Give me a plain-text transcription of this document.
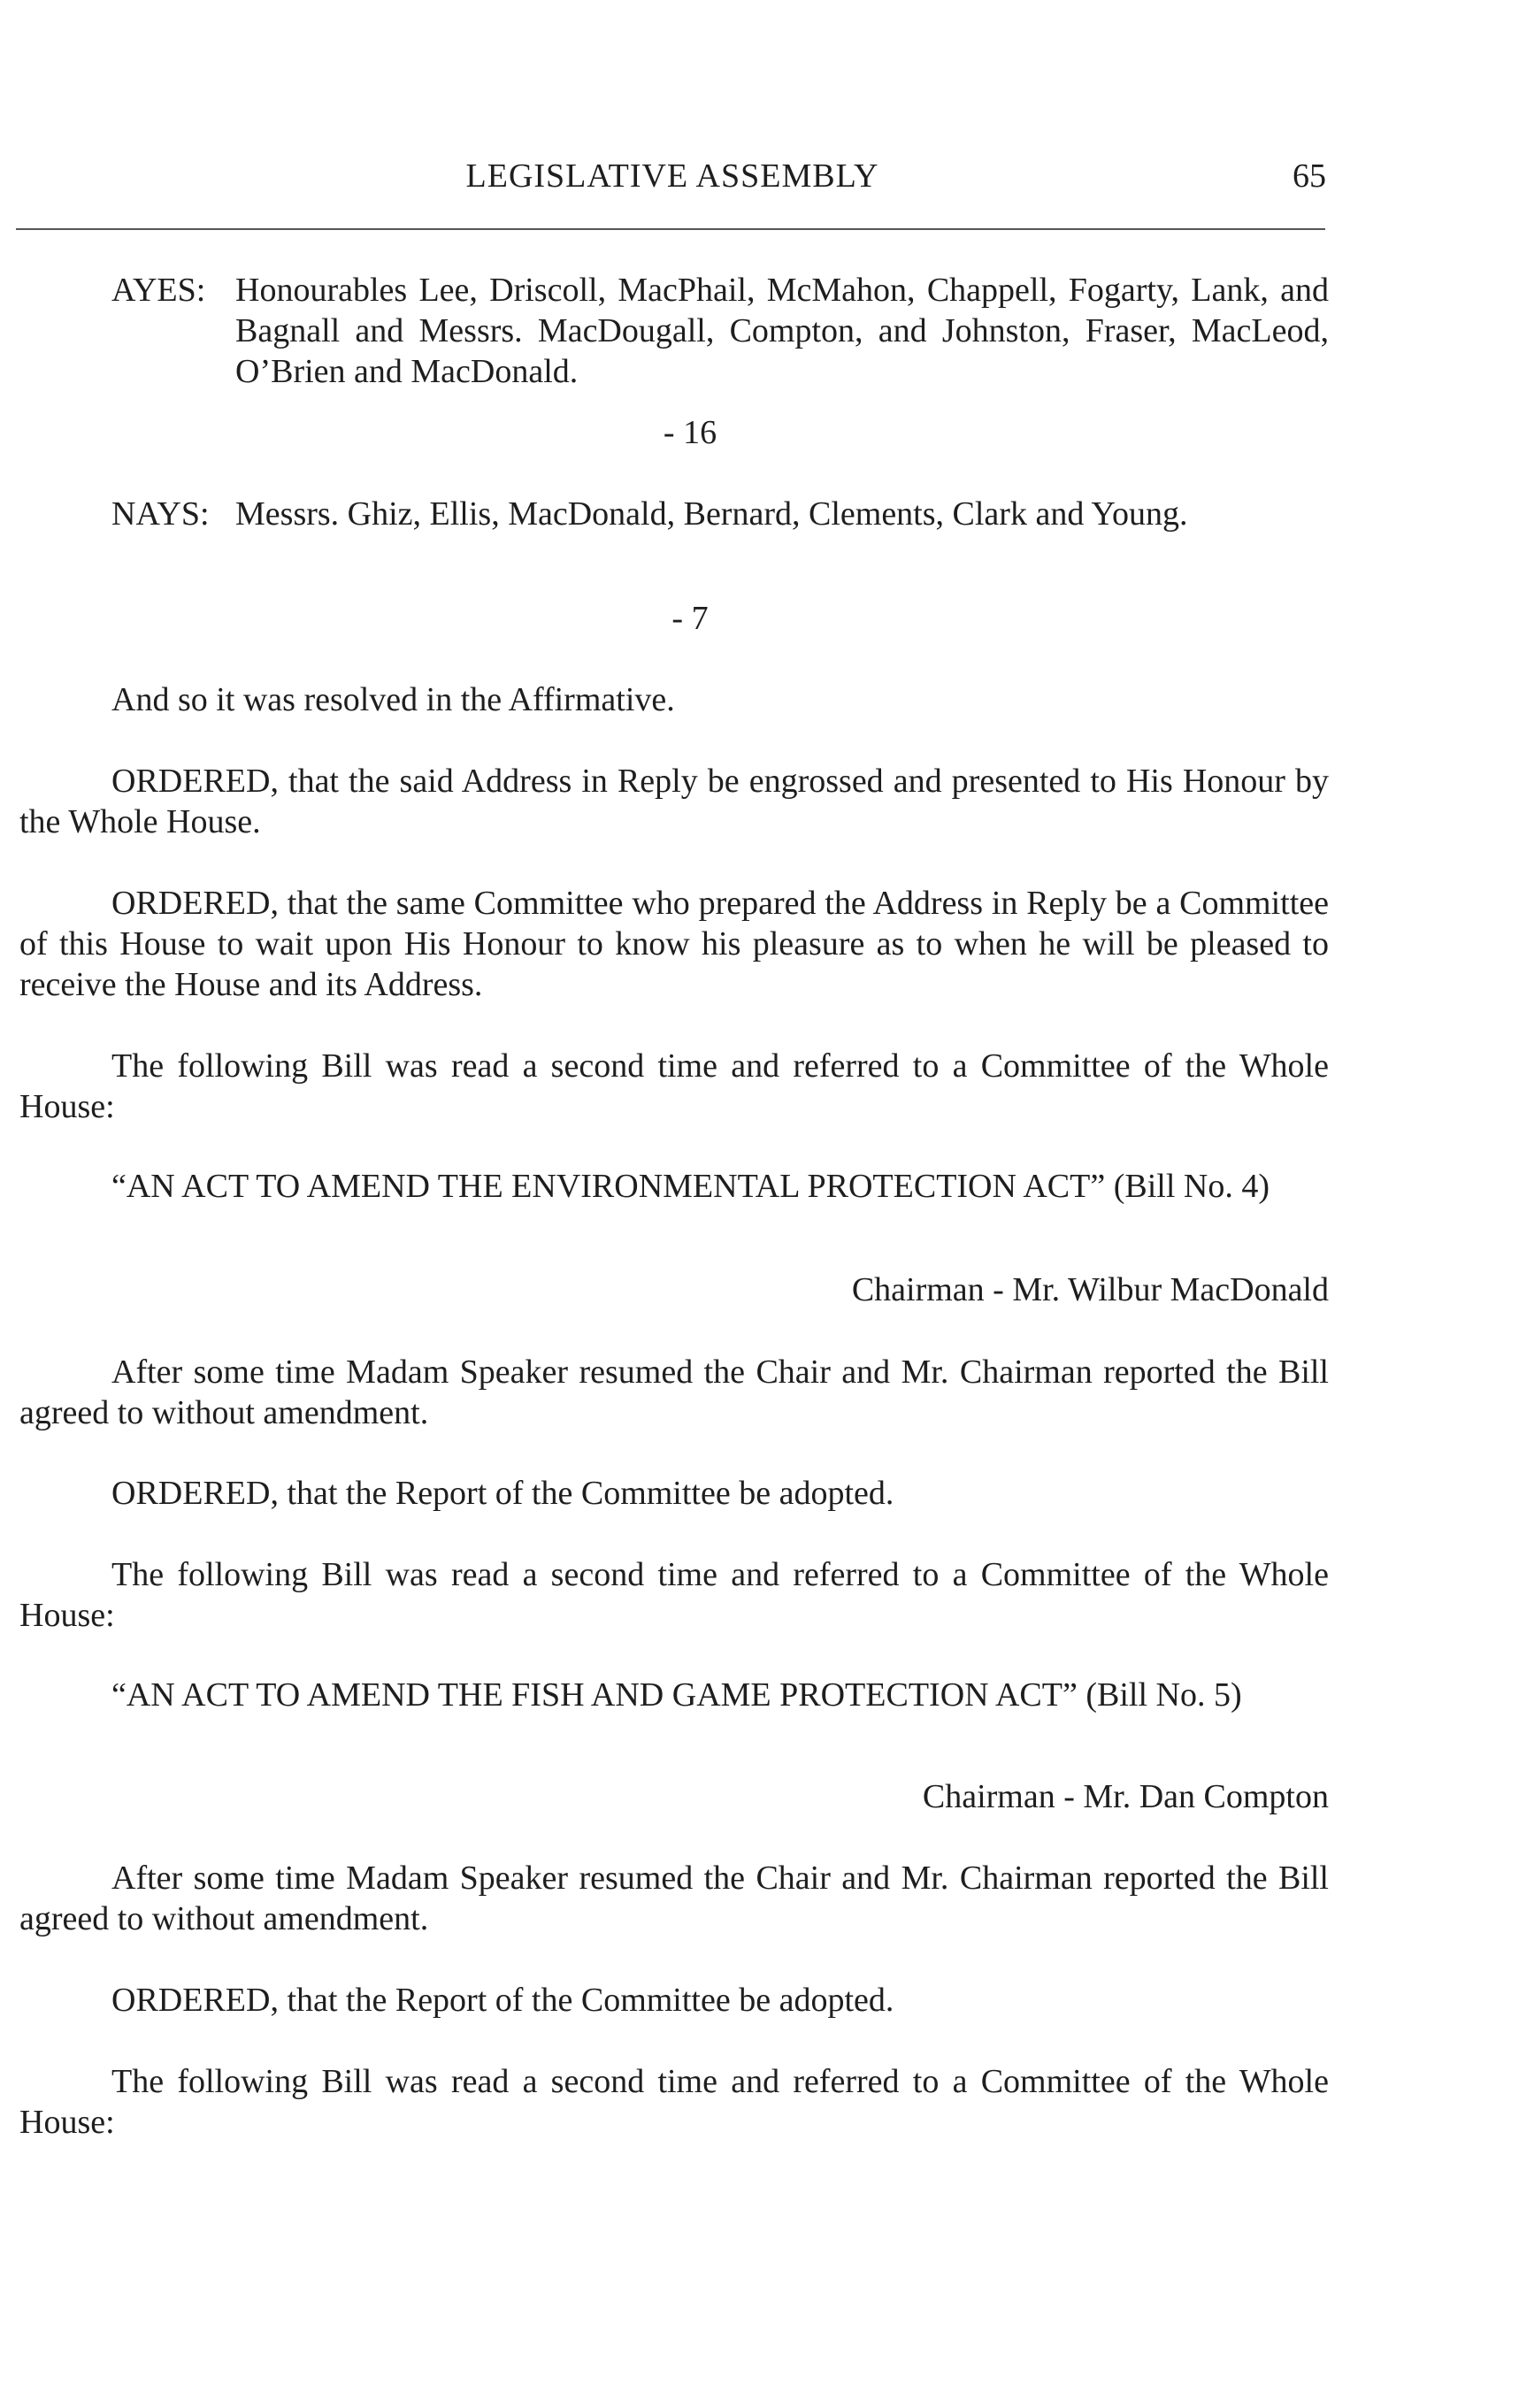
LEGISLATIVE ASSEMBLY	65
AYES: Honourables Lee, Driscoll, MacPhail, McMahon, Chappell, Fogarty, Lank, and Bagnall and Messrs. MacDougall, Compton, and Johnston, Fraser, MacLeod, O’Brien and MacDonald.
- 16
NAYS: Messrs. Ghiz, Ellis, MacDonald, Bernard, Clements, Clark and Young.
- 7
And so it was resolved in the Affirmative.
ORDERED, that the said Address in Reply be engrossed and presented to His Honour by the Whole House.
ORDERED, that the same Committee who prepared the Address in Reply be a Committee of this House to wait upon His Honour to know his pleasure as to when he will be pleased to receive the House and its Address.
The following Bill was read a second time and referred to a Committee of the Whole House:
“AN ACT TO AMEND THE ENVIRONMENTAL PROTECTION ACT” (Bill No. 4)
Chairman - Mr. Wilbur MacDonald
After some time Madam Speaker resumed the Chair and Mr. Chairman reported the Bill agreed to without amendment.
ORDERED, that the Report of the Committee be adopted.
The following Bill was read a second time and referred to a Committee of the Whole House:
“AN ACT TO AMEND THE FISH AND GAME PROTECTION ACT” (Bill No. 5)
Chairman - Mr. Dan Compton
After some time Madam Speaker resumed the Chair and Mr. Chairman reported the Bill agreed to without amendment.
ORDERED, that the Report of the Committee be adopted.
The following Bill was read a second time and referred to a Committee of the Whole House:
